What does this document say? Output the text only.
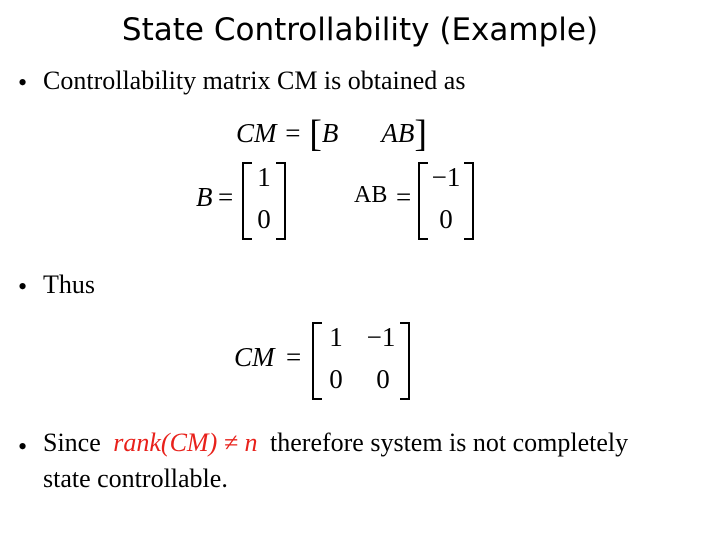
State Controllability (Example)
• Controllability matrix CM is obtained as
CM = [B AB]
B =
1
0
AB =
−1
0
• Thus
CM =
1 −1
0	0
• Since rank(CM) ≠ n therefore system is not completely
state controllable.
